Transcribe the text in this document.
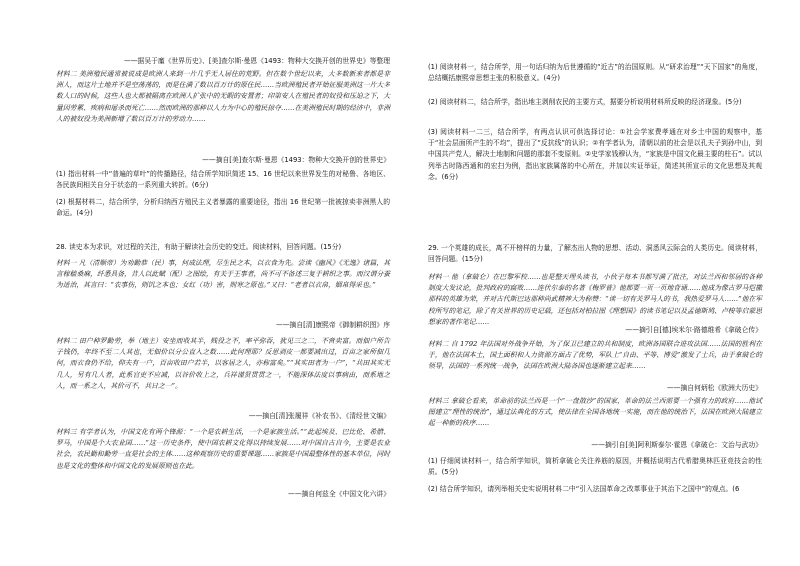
——据吴于廑《世界历史》、[美]查尔斯·曼恩《1493：物种大交换开创的世界史》等整理
材料二 美洲殖民通常被说成是欧洲人来到一片几乎无人居住的荒野。但在数个世纪以来，大多数新来者都是非洲人，而这片土地并不是空荡荡的，而是住满了数以百万计的原住民……当欧洲殖民者开始征服美洲这一片大多数人口的时候，这些人也大都被隔离在欧洲人扩张中的无暇的安置者；印第安人在殖民者的奴役和压迫之下，大量因劳累、疾病和屠杀而死亡……然而欧洲的那种以人力为中心的殖民掠夺……在美洲殖民时期的经济中，非洲人的被奴役为美洲新增了数以百万计的劳动力……
——摘自[美]查尔斯·曼恩《1493：物种大交换开创的世界史》
(1) 指出材料一中“普遍的草叶”的传播路径，结合所学知识简述 15、16 世纪以来世界发生的对秘鲁、各地区、各民族间相关自分于状态的一系列重大转折。(6分)
(2) 根据材料二，结合所学，分析归纳西方殖民主义者暴露的重要途径，指出 16 世纪第一批被掠卖非洲黑人的命运。(4分)
28. 读史本为求识，对过程的关注，有助于解读社会历史的变迁。阅读材料，回答问题。(15分)
材料一 凡（清顺帝）为劝勤恭（民）事，何成法理，尽生民之本，以衣食为先。尝读《幽风》《无逸》诸篇，其言稼穑桑麻，纤悉具备，昔人以此赋（配）之图绘，有关于王事者，尚不可不备述三复于耕织之事。而汉谓分蚕为适治，其言曰：“农事伤，则饥之本也；女红（功）害，则寒之原也。”又曰：“老者以衣帛，姻帛得采也。”
——摘自[清]康熙帝《御制耕织图》序
材料二 田户种罗勤劳，举（地主）安坐而收其半，贱役之不，率平弥吞，犹见三之二，不啻卖富。而佃户所告子钱仍，年终不至二人其也，无佃价以分公直入之数……此何理耶？反思剥皮一都要减出过，百亩之家所佃几何，而衣食仍不给，仰夫有一户，百亩收田户若半，以客居之人，亦称富矣。”“其实田者为一户”，“共田其实无几人，另有几人者，此系官吏不应减，以谷价收上之，兵祥谨贤贯贯之一，不能深体法度以事病由，而系地之人，而一系之人，其价可不，共日之一”。
——摘自[清]张履祥《补农书》、《清经世文编》
材料三 有学者认为，中国文化有两个锋源：“一个是农耕生活，一个是家族生活。”“此起埃及、巴比伦、希腊、罗马，中国是个大农业国……”这一历史条件，使中国农耕文化得以持续发展……对中国自古自今，主要是农业社会，农民勤和勤劳一直是社会的主体……这种观察历史的重要课题……家族是中国最整体性的基本单位，同时也是文化的整体和中国文化的发展原则也在此。
——摘自何兹全《中国文化六讲》
(1) 阅读材料一，结合所学，用一句话归纳为后世遵循的“近古”的治国原则。从“研求治理”“天下国家”的角度，总结概括康熙帝思想主张的积极意义。(4分)
(2) 阅读材料二，结合所学，指出地主剥削农民的主要方式，据要分析说明材料所反映的经济现象。(5分)
(3) 阅读材料一二三，结合所学，有两点认识可供选择讨论：①社会学家费孝通在对乡土中国的观察中，基于“社会层面所产生的不均”，提出了“反抗线”的认识；②有学者认为，清朝以前的社会是以孔夫子到孙中山，到中国共产党人，解决土地制和问题的那套不变原则。②史学家钱穆认为，“家族是中国文化最主要的柱石”。试以列举古时陈西通和的宏扫为例，指出家族属落的中心所在，并加以实证举证，简述其所宣示的文化思想及其观念。(6分)
29. 一个英雄的成长，离不开榜样的力量，了解杰出人物的思想、活动、洞悉风云际会的人类历史。阅读材料，回答问题。(15分)
材料一 他（拿破仑）在巴黎军校……也是整天埋头读书，小伙子每本书都写满了批注，对法兰西和邻居的各种制度大发议论，批判政府的腐败……连伏尔泰的名著《梅罗普》他都要一页一页地背诵……他成为像古罗马恺撒那样的英雄为荣，并对古代斯巴达那种尚武精神大为称赞：“读一切有关罗马人的书，我热爱罗马人……”他在军校所写的笔记，除了有关世界的历史记载，还包括对柏拉图《理想国》的读书笔记以及孟德斯鸠、卢梭等启蒙思想家的著作笔记……
——摘引自[德]埃米尔·路德维希《拿破仑传》
材料二 自 1792 年法国对外战争开始，为了保卫已建立的共和制度，欧洲各国联合进攻法国……法国的胜利在于，他在法国本土，国土面积和人力资源方面占了优势，军队上“自由、平等、博爱”激发了士兵，由于拿破仑的领导，法国的一系列统一战争，法国在欧洲大陆各国也逐渐建立起来……
——摘自何炳松《欧洲大历史》
材料三 拿破仑看来，革命前的法兰西是一个“一盘散沙”的国家，革命的法兰西需要一个强有力的政府……他试图建立“理性的统治”，通过法典化的方式，使法律在全国各地统一实施，而在他的统治下，法国在欧洲大陆建立起一种新的秩序……
——摘引自[美]阿利斯泰尔·霍恩《拿破仑：文治与武功》
(1) 仔细阅读材料一，结合所学知识，简析拿破仑关注养筋的原因，并概括说明古代希腊奥林匹亚竞技会的性质。(5分)
(2) 结合所学知识，请列举相关史实说明材料二中“引入法国革命之改革事业于其治下之国中”的观点。(6
